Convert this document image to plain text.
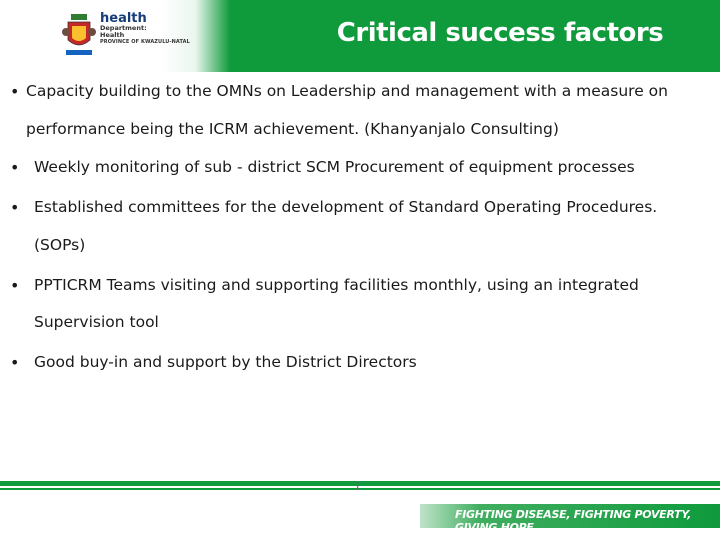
health
Department:
Health
PROVINCE OF KWAZULU-NATAL	Critical success factors
• Capacity building to the OMNs on Leadership and management with a measure on
performance being the ICRM achievement. (Khanyanjalo Consulting)
• Weekly monitoring of sub - district SCM Procurement of equipment processes
• Established committees for the development of Standard Operating Procedures.
(SOPs)
• PPTICRM Teams visiting and supporting facilities monthly, using an integrated
Supervision tool
• Good buy-in and support by the District Directors
1
FIGHTING DISEASE, FIGHTING POVERTY, GIVING HOPE
